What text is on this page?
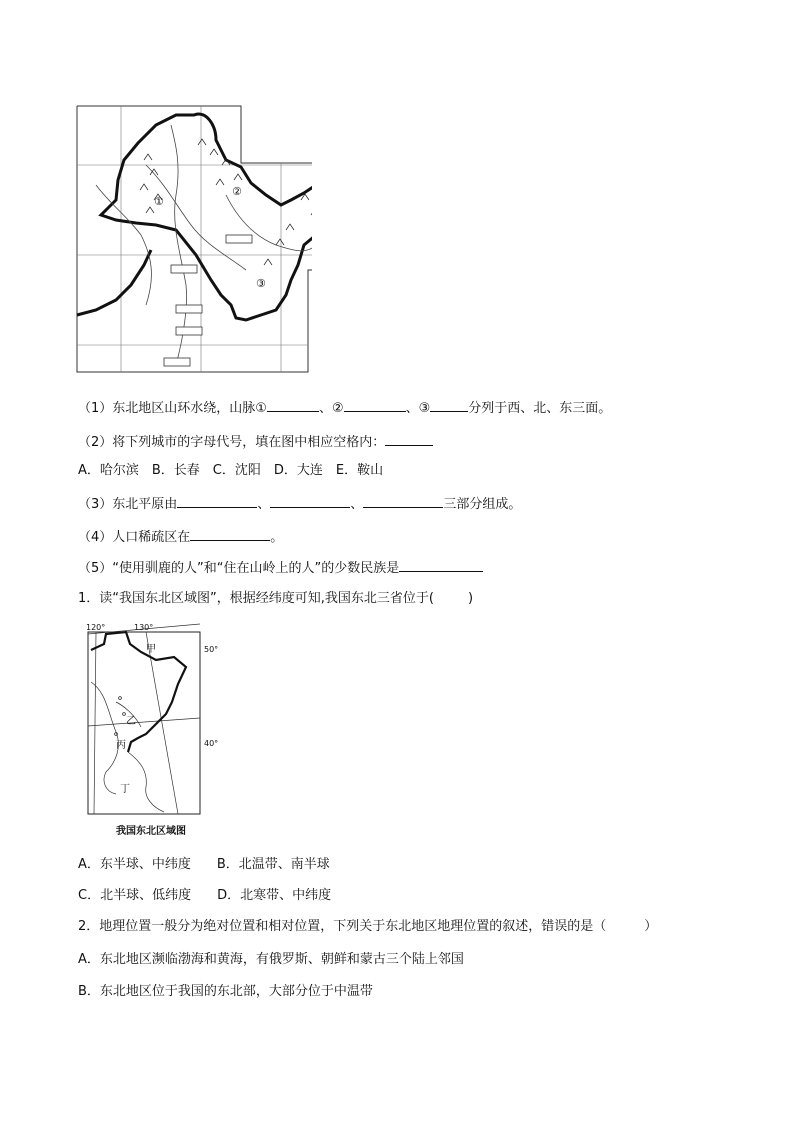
①
②
③
（1）东北地区山环水绕，山脉①	、②	、③	分列于西、北、东三面。
（2）将下列城市的字母代号，填在图中相应空格内：
A．哈尔滨　B．长春　C．沈阳　D．大连　E．鞍山
（3）东北平原由	、	、	三部分组成。
（4）人口稀疏区在	。
（5）“使用驯鹿的人”和“住在山岭上的人”的少数民族是
1．读“我国东北区域图”，根据经纬度可知,我国东北三省位于(	)
120°	130°
50°
40°
甲
乙
丙
丁
我国东北区域图
A．东半球、中纬度　　B．北温带、南半球
C．北半球、低纬度　　D．北寒带、中纬度
2．地理位置一般分为绝对位置和相对位置，下列关于东北地区地理位置的叙述，错误的是（	）
A．东北地区濒临渤海和黄海，有俄罗斯、朝鲜和蒙古三个陆上邻国
B．东北地区位于我国的东北部，大部分位于中温带
